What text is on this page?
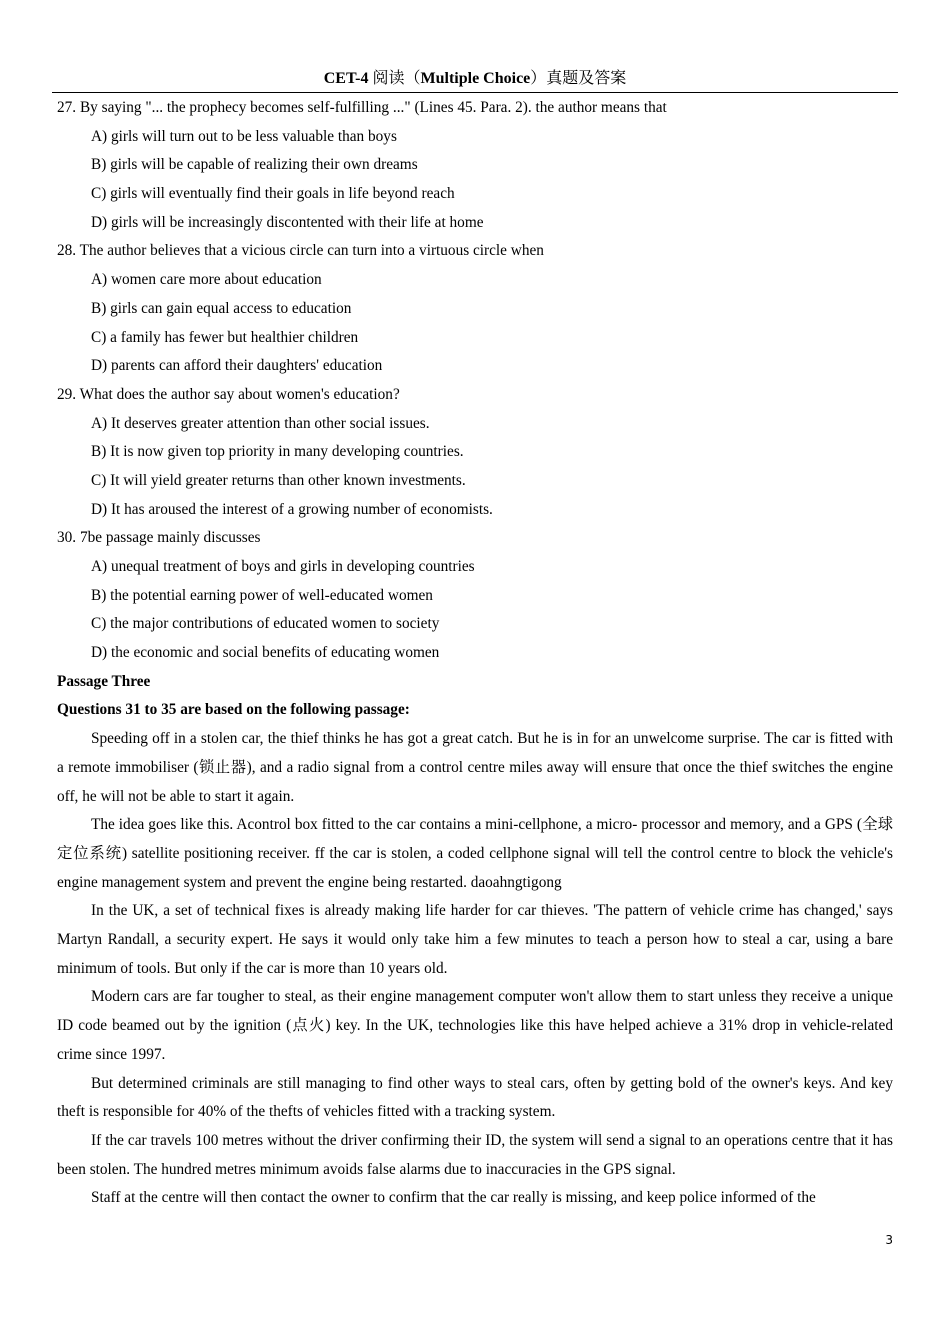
CET-4 阅读（Multiple Choice）真题及答案
27. By saying "... the prophecy becomes self-fulfilling ..." (Lines 45. Para. 2). the author means that
A) girls will turn out to be less valuable than boys
B) girls will be capable of realizing their own dreams
C) girls will eventually find their goals in life beyond reach
D) girls will be increasingly discontented with their life at home
28. The author believes that a vicious circle can turn into a virtuous circle when
A) women care more about education
B) girls can gain equal access to education
C) a family has fewer but healthier children
D) parents can afford their daughters' education
29. What does the author say about women's education?
A) It deserves greater attention than other social issues.
B) It is now given top priority in many developing countries.
C) It will yield greater returns than other known investments.
D) It has aroused the interest of a growing number of economists.
30. 7be passage mainly discusses
A) unequal treatment of boys and girls in developing countries
B) the potential earning power of well-educated women
C) the major contributions of educated women to society
D) the economic and social benefits of educating women
Passage Three
Questions 31 to 35 are based on the following passage:

Speeding off in a stolen car, the thief thinks he has got a great catch. But he is in for an unwelcome surprise. The car is fitted with a remote immobiliser (锁止器), and a radio signal from a control centre miles away will ensure that once the thief switches the engine off, he will not be able to start it again.

The idea goes like this. Acontrol box fitted to the car contains a mini-cellphone, a micro- processor and memory, and a GPS (全球定位系统) satellite positioning receiver. ff the car is stolen, a coded cellphone signal will tell the control centre to block the vehicle's engine management system and prevent the engine being restarted. daoahngtigong

In the UK, a set of technical fixes is already making life harder for car thieves. 'The pattern of vehicle crime has changed,' says Martyn Randall, a security expert. He says it would only take him a few minutes to teach a person how to steal a car, using a bare minimum of tools. But only if the car is more than 10 years old.

Modern cars are far tougher to steal, as their engine management computer won't allow them to start unless they receive a unique ID code beamed out by the ignition (点火) key. In the UK, technologies like this have helped achieve a 31% drop in vehicle-related crime since 1997.

But determined criminals are still managing to find other ways to steal cars, often by getting bold of the owner's keys. And key theft is responsible for 40% of the thefts of vehicles fitted with a tracking system.

If the car travels 100 metres without the driver confirming their ID, the system will send a signal to an operations centre that it has been stolen. The hundred metres minimum avoids false alarms due to inaccuracies in the GPS signal.

Staff at the centre will then contact the owner to confirm that the car really is missing, and keep police informed of the

3
